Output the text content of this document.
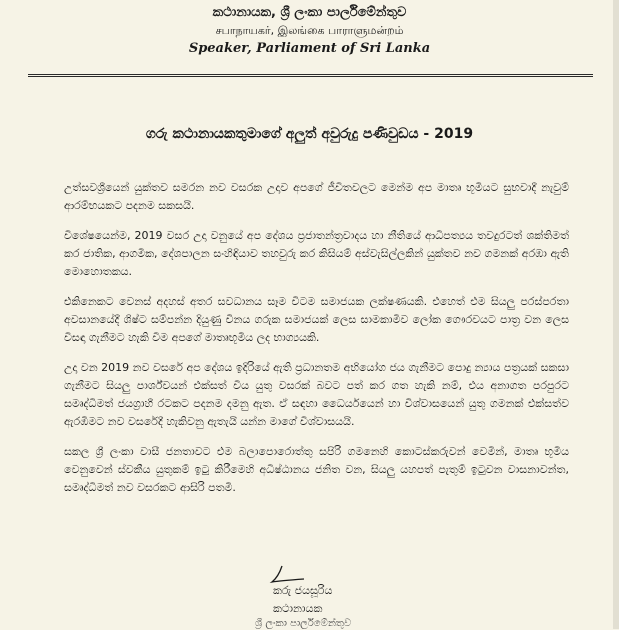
කථානායක, ශ්‍රී ලංකා පාර්ලිමේන්තුව
சபாநாயகர், இலங்கை பாராளுமன்றம்
Speaker, Parliament of Sri Lanka
ගරු කථානායකතුමාගේ අලුත් අවුරුදු පණිවුඩය - 2019

උත්සවශ්‍රීයෙන් යුක්තව සමරන නව වසරක උදාව අපගේ ජීවිතවලට මෙන්ම අප මාතෘ භූමියට සුභවාදී නැවුම් ආරම්භයකට පදනම සකසයි.

විශේෂයෙන්ම, 2019 වසර උදා වනුයේ අප දේශය ප්‍රජාතන්ත්‍රවාදය හා නීතියේ ආධිපත්‍යය තවදුරටත් ශක්තිමත් කර ජාතික, ආගමික, දේශපාලන සංහිඳියාව තහවුරු කර කිසියම් අස්වැසිල්ලකින් යුක්තව නව ගමනක් අරඹා ඇති මොහොතකය.

එකිනෙකට වෙනස් අදහස් අතර සවධානය සෑම විටම සමාජයක ලක්ෂණයකි. එහෙත් එම සියලු පරස්පරතා අවසානයේදී ශිෂ්ට සම්පන්න දියුණු විනය ගරුක සමාජයක් ලෙස සාමකාමීව ලෝක ගෞරවයට පාත්‍ර වන ලෙස විසඳා ගැනීමට හැකි වීම අපගේ මාතෘභූමිය ලද භාග්‍යයකි.

උදා වන 2019 නව වසරේ අප දේශය ඉදිරියේ ඇති ප්‍රධානතම අභියෝග ජය ගැනීමට පොදු න්‍යාය පත්‍රයක් සකසා ගැනීමට සියලු පාර්ශ්වයන් එක්සත් විය යුතු වසරක් බවට පත් කර ගත හැකි නම්, එය අනාගත පරපුරට සමෘද්ධිමත් ජයග්‍රාහී රටකට පදනම දමනු ඇත. ඒ සඳහා ධෛර්යයෙන් හා විශ්වාසයෙන් යුතු ගමනක් එක්සත්ව ඇරඹීමට නව වසරේදී හැකිවනු ඇතැයි යන්න මාගේ විශ්වාසයයි.

සකල ශ්‍රී ලංකා වාසී ජනතාවට එම බලාපොරොත්තු සපිරි ගමනෙහි කොටස්කරුවන් වෙමින්, මාතෘ භූමිය වෙනුවෙන් ස්වකීය යුතුකම් ඉටු කිරීමෙහි අධිෂ්ඨානය ජනිත වන, සියලු යහපත් පැතුම් ඉටුවන වාසනාවන්ත, සමෘද්ධිමත් නව වසරකට ආසිරි පතමි.

කරු ජයසූරිය
කථානායක
ශ්‍රී ලංකා පාර්ලිමේන්තුව
